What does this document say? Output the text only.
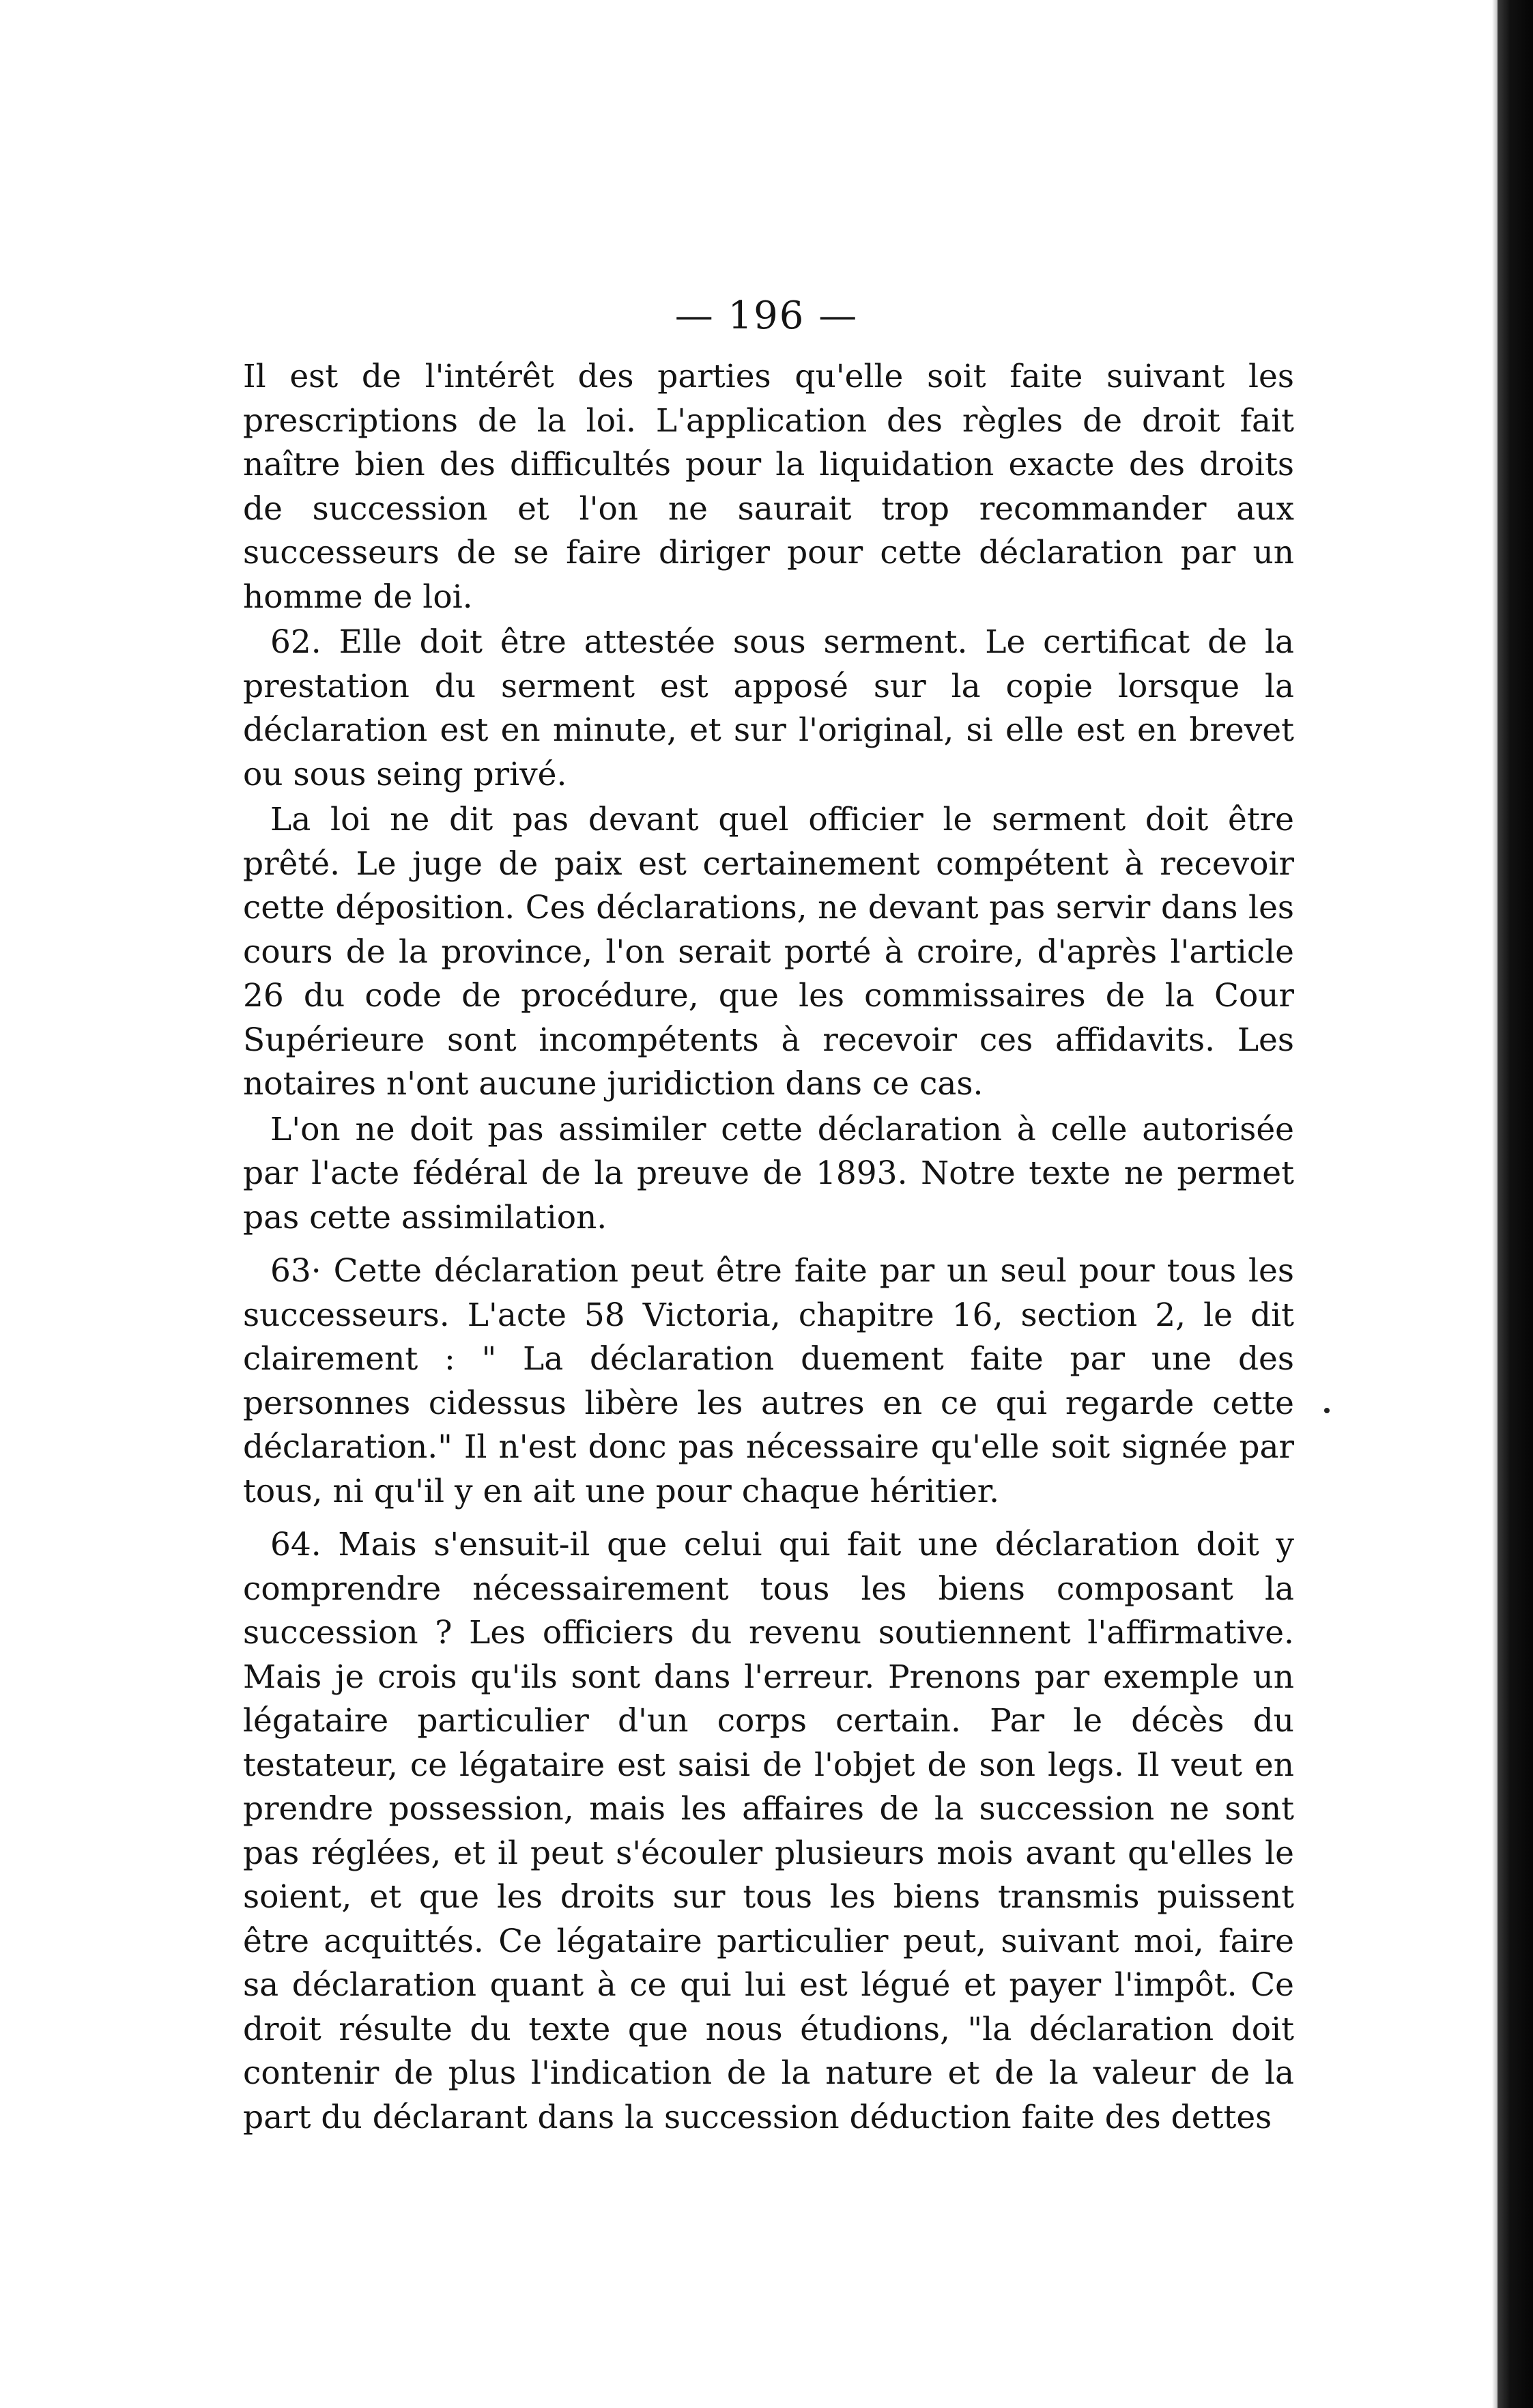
— 196 —

Il est de l'intérêt des parties qu'elle soit faite suivant les prescriptions de la loi. L'application des règles de droit fait naître bien des difficultés pour la liquidation exacte des droits de succession et l'on ne saurait trop recommander aux successeurs de se faire diriger pour cette déclaration par un homme de loi.

62. Elle doit être attestée sous serment. Le certificat de la prestation du serment est apposé sur la copie lorsque la déclaration est en minute, et sur l'original, si elle est en brevet ou sous seing privé.

La loi ne dit pas devant quel officier le serment doit être prêté. Le juge de paix est certainement compétent à recevoir cette déposition. Ces déclarations, ne devant pas servir dans les cours de la province, l'on serait porté à croire, d'après l'article 26 du code de procédure, que les commissaires de la Cour Supérieure sont incompétents à recevoir ces affidavits. Les notaires n'ont aucune juridiction dans ce cas.

L'on ne doit pas assimiler cette déclaration à celle autorisée par l'acte fédéral de la preuve de 1893. Notre texte ne permet pas cette assimilation.

63· Cette déclaration peut être faite par un seul pour tous les successeurs. L'acte 58 Victoria, chapitre 16, section 2, le dit clairement : " La déclaration duement faite par une des personnes cidessus libère les autres en ce qui regarde cette déclaration." Il n'est donc pas nécessaire qu'elle soit signée par tous, ni qu'il y en ait une pour chaque héritier.

64. Mais s'ensuit-il que celui qui fait une déclaration doit y comprendre nécessairement tous les biens composant la succession ? Les officiers du revenu soutiennent l'affirmative. Mais je crois qu'ils sont dans l'erreur. Prenons par exemple un légataire particulier d'un corps certain. Par le décès du testateur, ce légataire est saisi de l'objet de son legs. Il veut en prendre possession, mais les affaires de la succession ne sont pas réglées, et il peut s'écouler plusieurs mois avant qu'elles le soient, et que les droits sur tous les biens transmis puissent être acquittés. Ce légataire particulier peut, suivant moi, faire sa déclaration quant à ce qui lui est légué et payer l'impôt. Ce droit résulte du texte que nous étudions, "la déclaration doit contenir de plus l'indication de la nature et de la valeur de la part du déclarant dans la succession déduction faite des dettes
